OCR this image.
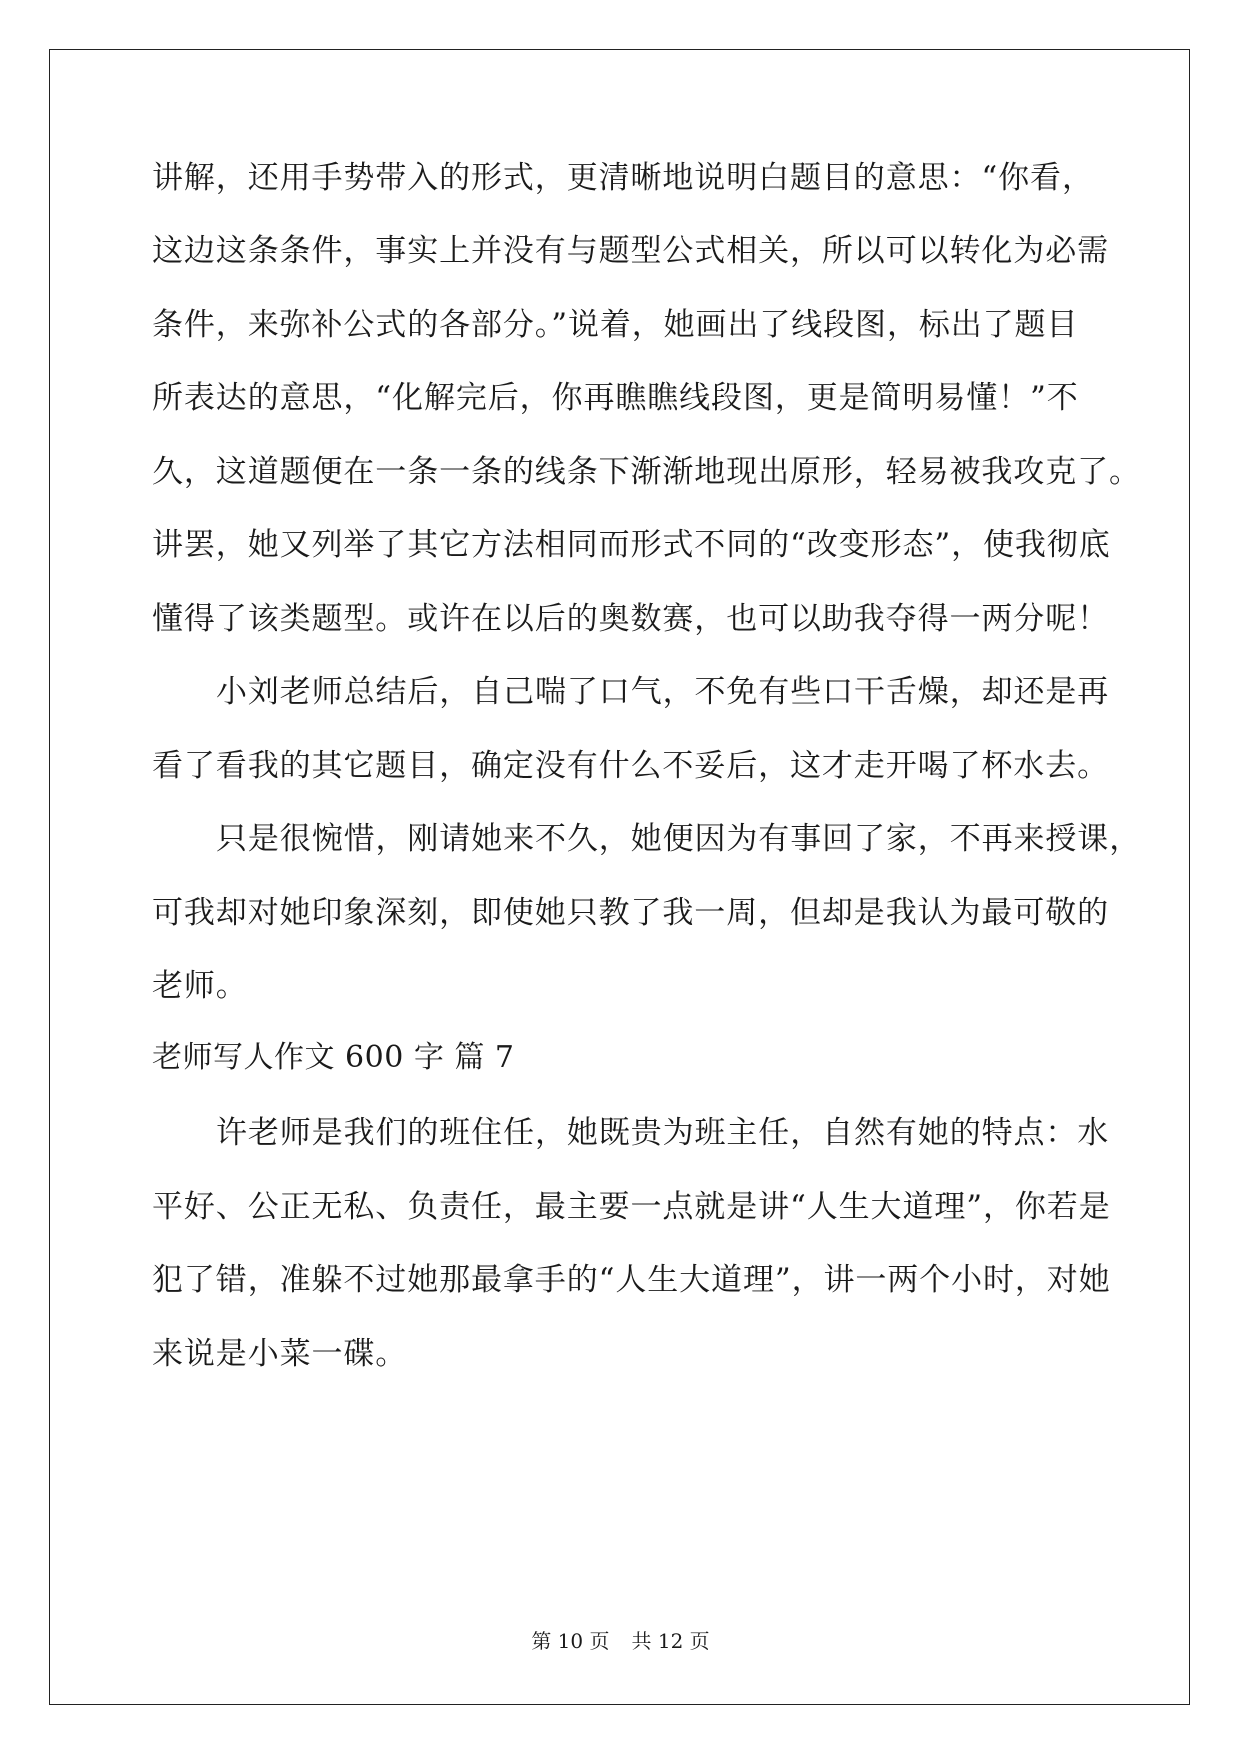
讲解，还用手势带入的形式，更清晰地说明白题目的意思：“你看，
这边这条条件，事实上并没有与题型公式相关，所以可以转化为必需
条件，来弥补公式的各部分。”说着，她画出了线段图，标出了题目
所表达的意思，“化解完后，你再瞧瞧线段图，更是简明易懂！”不
久，这道题便在一条一条的线条下渐渐地现出原形，轻易被我攻克了。
讲罢，她又列举了其它方法相同而形式不同的“改变形态”，使我彻底
懂得了该类题型。或许在以后的奥数赛，也可以助我夺得一两分呢！
小刘老师总结后，自己喘了口气，不免有些口干舌燥，却还是再
看了看我的其它题目，确定没有什么不妥后，这才走开喝了杯水去。
只是很惋惜，刚请她来不久，她便因为有事回了家，不再来授课，
可我却对她印象深刻，即使她只教了我一周，但却是我认为最可敬的
老师。
老师写人作文 600 字 篇 7
许老师是我们的班住任，她既贵为班主任，自然有她的特点：水
平好、公正无私、负责任，最主要一点就是讲“人生大道理”，你若是
犯了错，准躲不过她那最拿手的“人生大道理”，讲一两个小时，对她
来说是小菜一碟。
第 10 页 共 12 页
